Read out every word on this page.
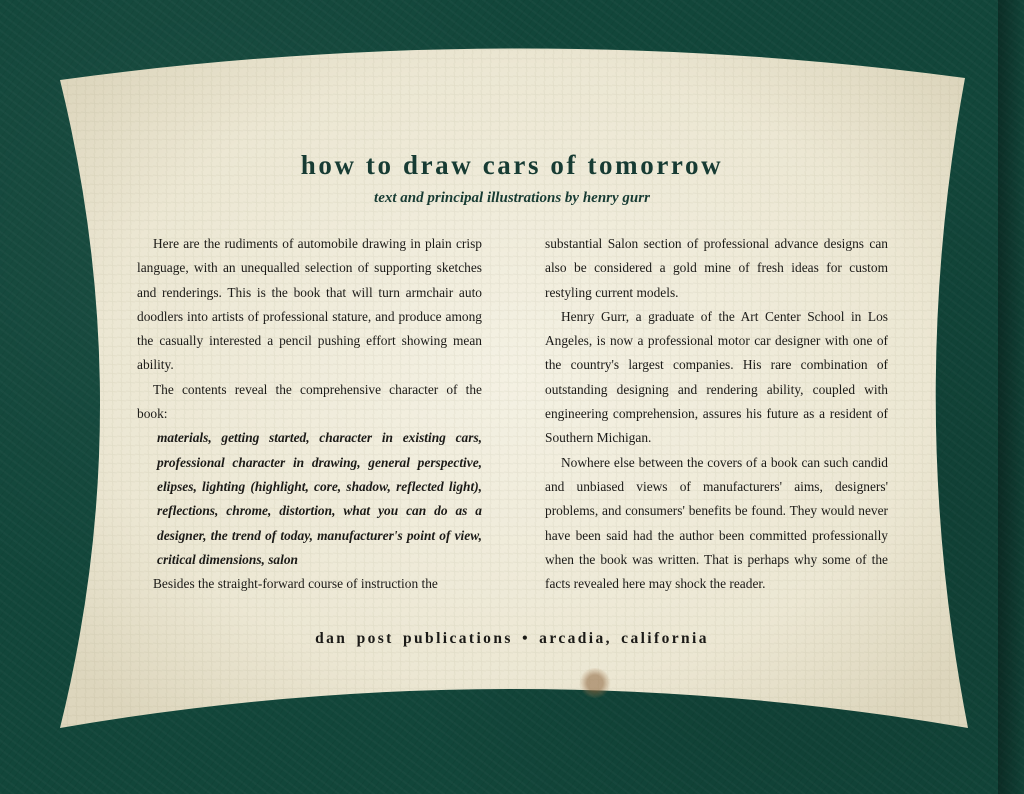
how to draw cars of tomorrow

text and principal illustrations by henry gurr

Here are the rudiments of automobile drawing in plain crisp language, with an unequalled selection of supporting sketches and renderings. This is the book that will turn armchair auto doodlers into artists of professional stature, and produce among the casually interested a pencil pushing effort showing mean ability.

The contents reveal the comprehensive character of the book:

materials, getting started, character in existing cars, professional character in drawing, general perspective, elipses, lighting (highlight, core, shadow, reflected light), reflections, chrome, distortion, what you can do as a designer, the trend of today, manufacturer's point of view, critical dimensions, salon

Besides the straight-forward course of instruction the

substantial Salon section of professional advance designs can also be considered a gold mine of fresh ideas for custom restyling current models.

Henry Gurr, a graduate of the Art Center School in Los Angeles, is now a professional motor car designer with one of the country's largest companies. His rare combination of outstanding designing and rendering ability, coupled with engineering comprehension, assures his future as a resident of Southern Michigan.

Nowhere else between the covers of a book can such candid and unbiased views of manufacturers' aims, designers' problems, and consumers' benefits be found. They would never have been said had the author been committed professionally when the book was written. That is perhaps why some of the facts revealed here may shock the reader.

dan post publications • arcadia, california
